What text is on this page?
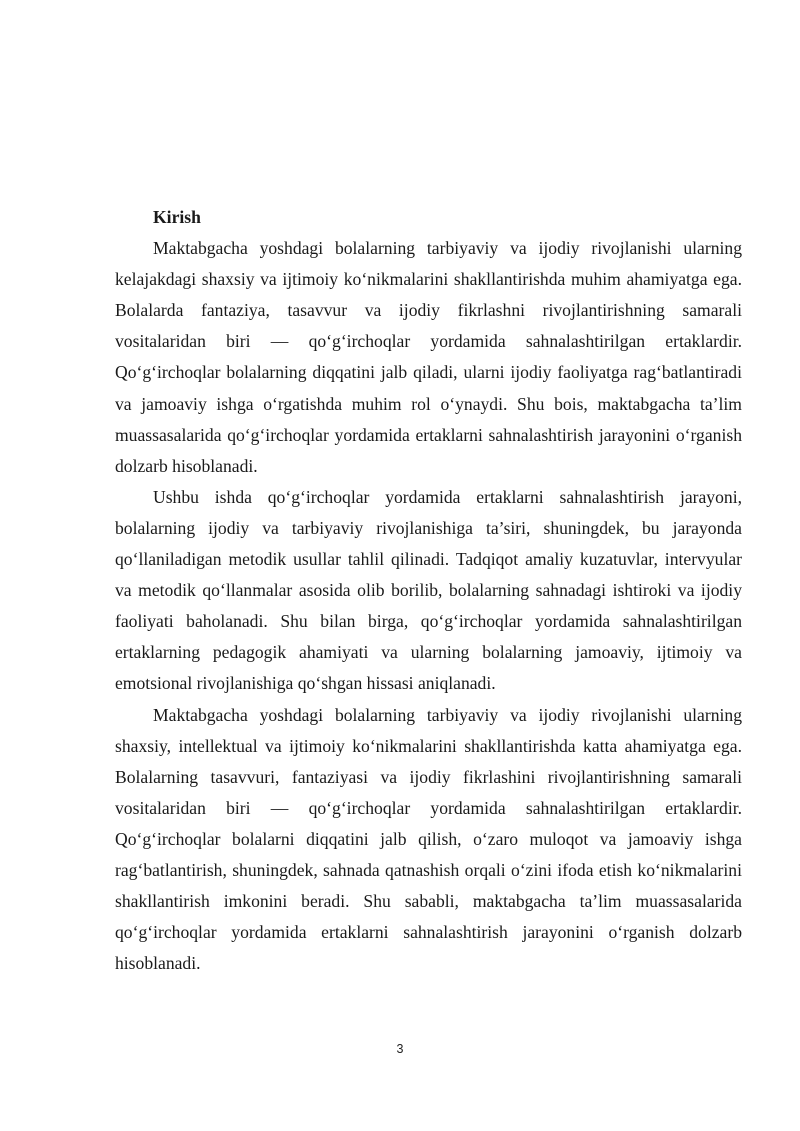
Kirish

Maktabgacha yoshdagi bolalarning tarbiyaviy va ijodiy rivojlanishi ularning kelajakdagi shaxsiy va ijtimoiy ko‘nikmalarini shakllantirishda muhim ahamiyatga ega. Bolalarda fantaziya, tasavvur va ijodiy fikrlashni rivojlantirishning samarali vositalaridan biri — qo‘g‘irchoqlar yordamida sahnalashtirilgan ertaklardir. Qo‘g‘irchoqlar bolalarning diqqatini jalb qiladi, ularni ijodiy faoliyatga rag‘batlantiradi va jamoaviy ishga o‘rgatishda muhim rol o‘ynaydi. Shu bois, maktabgacha ta’lim muassasalarida qo‘g‘irchoqlar yordamida ertaklarni sahnalashtirish jarayonini o‘rganish dolzarb hisoblanadi.

Ushbu ishda qo‘g‘irchoqlar yordamida ertaklarni sahnalashtirish jarayoni, bolalarning ijodiy va tarbiyaviy rivojlanishiga ta’siri, shuningdek, bu jarayonda qo‘llaniladigan metodik usullar tahlil qilinadi. Tadqiqot amaliy kuzatuvlar, intervyular va metodik qo‘llanmalar asosida olib borilib, bolalarning sahnadagi ishtiroki va ijodiy faoliyati baholanadi. Shu bilan birga, qo‘g‘irchoqlar yordamida sahnalashtirilgan ertaklarning pedagogik ahamiyati va ularning bolalarning jamoaviy, ijtimoiy va emotsional rivojlanishiga qo‘shgan hissasi aniqlanadi.

Maktabgacha yoshdagi bolalarning tarbiyaviy va ijodiy rivojlanishi ularning shaxsiy, intellektual va ijtimoiy ko‘nikmalarini shakllantirishda katta ahamiyatga ega. Bolalarning tasavvuri, fantaziyasi va ijodiy fikrlashini rivojlantirishning samarali vositalaridan biri — qo‘g‘irchoqlar yordamida sahnalashtirilgan ertaklardir. Qo‘g‘irchoqlar bolalarni diqqatini jalb qilish, o‘zaro muloqot va jamoaviy ishga rag‘batlantirish, shuningdek, sahnada qatnashish orqali o‘zini ifoda etish ko‘nikmalarini shakllantirish imkonini beradi. Shu sababli, maktabgacha ta’lim muassasalarida qo‘g‘irchoqlar yordamida ertaklarni sahnalashtirish jarayonini o‘rganish dolzarb hisoblanadi.

3
